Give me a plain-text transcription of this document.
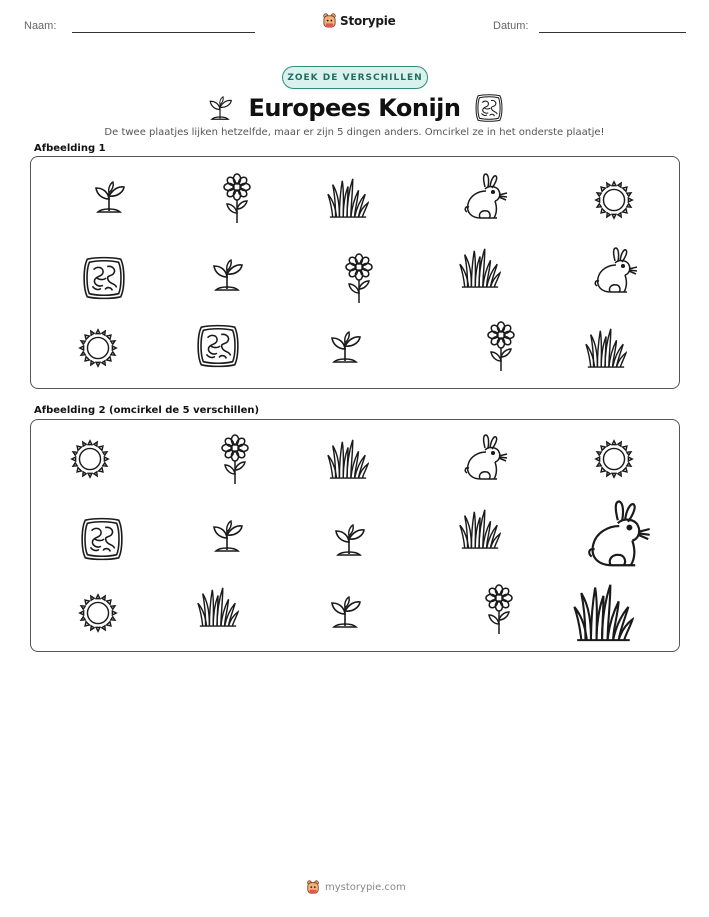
Naam:	Storypie	Datum:
ZOEK DE VERSCHILLEN
Europees Konijn
De twee plaatjes lijken hetzelfde, maar er zijn 5 dingen anders. Omcirkel ze in het onderste plaatje!
Afbeelding 1
Afbeelding 2 (omcirkel de 5 verschillen)
mystorypie.com
